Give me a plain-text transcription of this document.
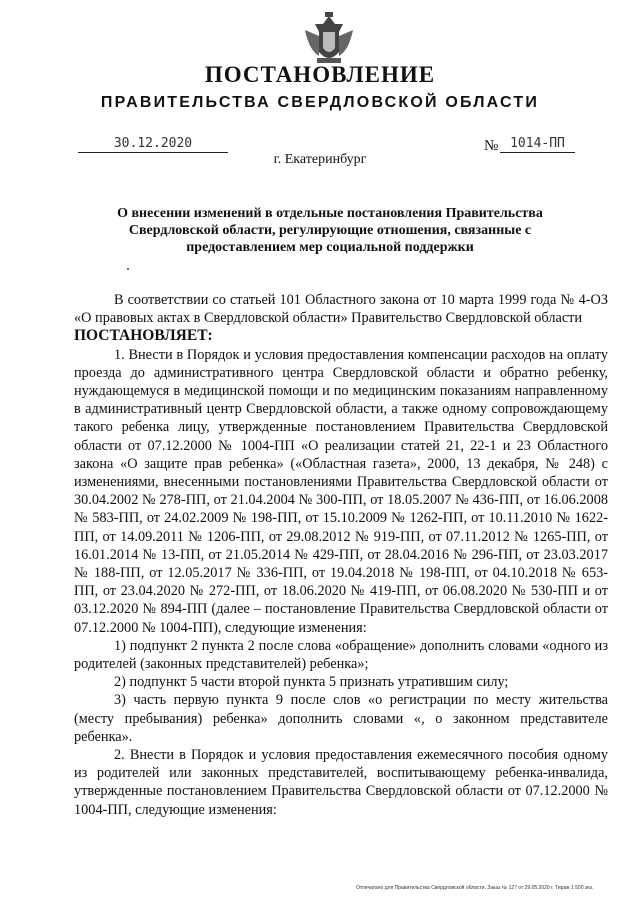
ПОСТАНОВЛЕНИЕ
ПРАВИТЕЛЬСТВА СВЕРДЛОВСКОЙ ОБЛАСТИ
30.12.2020	№ 1014-ПП
г. Екатеринбург
О внесении изменений в отдельные постановления Правительства Свердловской области, регулирующие отношения, связанные с предоставлением мер социальной поддержки

В соответствии со статьей 101 Областного закона от 10 марта 1999 года № 4-ОЗ «О правовых актах в Свердловской области» Правительство Свердловской области

ПОСТАНОВЛЯЕТ:

1. Внести в Порядок и условия предоставления компенсации расходов на оплату проезда до административного центра Свердловской области и обратно ребенку, нуждающемуся в медицинской помощи и по медицинским показаниям направленному в административный центр Свердловской области, а также одному сопровождающему такого ребенка лицу, утвержденные постановлением Правительства Свердловской области от 07.12.2000 № 1004-ПП «О реализации статей 21, 22-1 и 23 Областного закона «О защите прав ребенка» («Областная газета», 2000, 13 декабря, № 248) с изменениями, внесенными постановлениями Правительства Свердловской области от 30.04.2002 № 278-ПП, от 21.04.2004 № 300-ПП, от 18.05.2007 № 436-ПП, от 16.06.2008 № 583-ПП, от 24.02.2009 № 198-ПП, от 15.10.2009 № 1262-ПП, от 10.11.2010 № 1622-ПП, от 14.09.2011 № 1206-ПП, от 29.08.2012 № 919-ПП, от 07.11.2012 № 1265-ПП, от 16.01.2014 № 13-ПП, от 21.05.2014 № 429-ПП, от 28.04.2016 № 296-ПП, от 23.03.2017 № 188-ПП, от 12.05.2017 № 336-ПП, от 19.04.2018 № 198-ПП, от 04.10.2018 № 653-ПП, от 23.04.2020 № 272-ПП, от 18.06.2020 № 419-ПП, от 06.08.2020 № 530-ПП и от 03.12.2020 № 894-ПП (далее – постановление Правительства Свердловской области от 07.12.2000 № 1004-ПП), следующие изменения:

1) подпункт 2 пункта 2 после слова «обращение» дополнить словами «одного из родителей (законных представителей) ребенка»;

2) подпункт 5 части второй пункта 5 признать утратившим силу;

3) часть первую пункта 9 после слов «о регистрации по месту жительства (месту пребывания) ребенка» дополнить словами «, о законном представителе ребенка».

2. Внести в Порядок и условия предоставления ежемесячного пособия одному из родителей или законных представителей, воспитывающему ребенка-инвалида, утвержденные постановлением Правительства Свердловской области от 07.12.2000 № 1004-ПП, следующие изменения:

Отпечатано для Правительства Свердловской области. Заказ № 127 от 29.05.2020 г. Тираж 1 500 экз.
